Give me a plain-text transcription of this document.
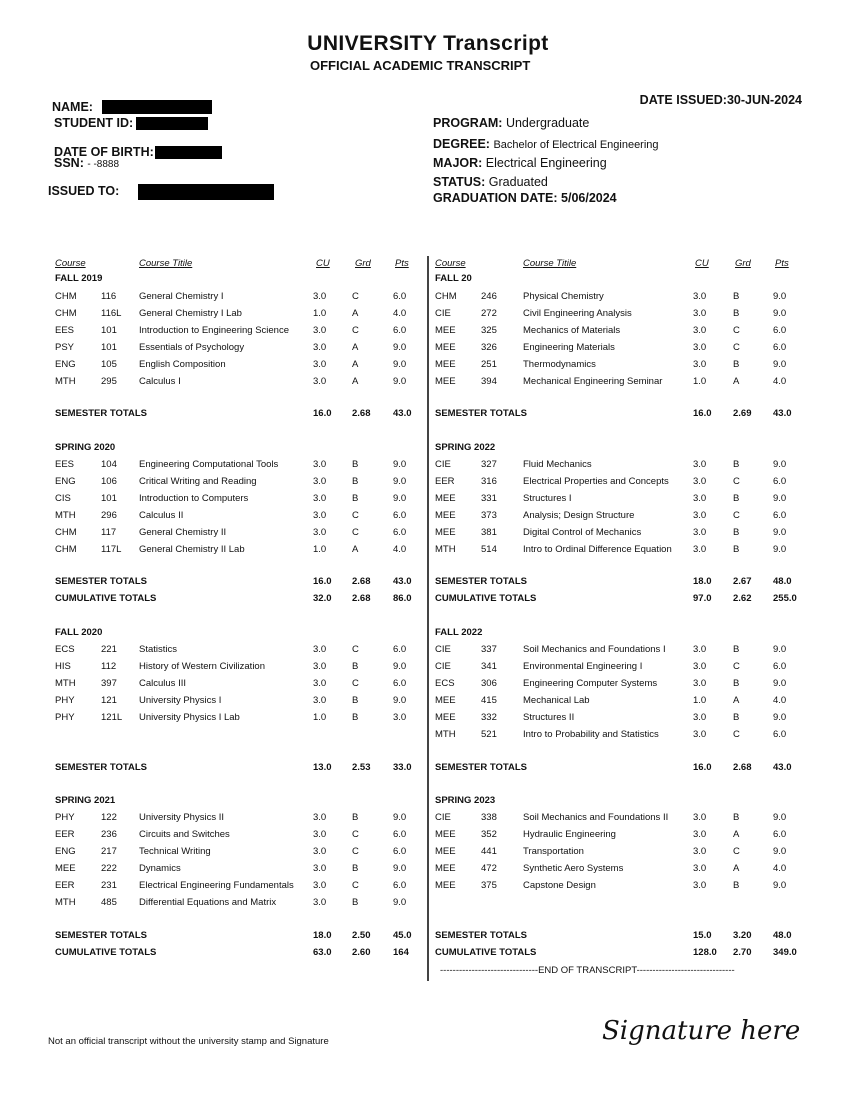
UNIVERSITY Transcript
OFFICIAL ACADEMIC TRANSCRIPT
DATE ISSUED:30-JUN-2024
NAME:
STUDENT ID:
DATE OF BIRTH:
SSN: - -8888
ISSUED TO:
PROGRAM: Undergraduate
DEGREE: Bachelor of Electrical Engineering
MAJOR: Electrical Engineering
STATUS: Graduated
GRADUATION DATE: 5/06/2024
Course	Course Titile	CU	Grd	Pts	Course	Course Titile	CU	Grd	Pts
FALL 2019
CHM	116 General Chemistry I	3.0	C	6.0
CHM	116L General Chemistry I Lab	1.0	A	4.0
EES	101 Introduction to Engineering Science	3.0	C	6.0
PSY	101 Essentials of Psychology	3.0	A	9.0
ENG	105 English Composition	3.0	A	9.0
MTH	295 Calculus I	3.0	A	9.0
SEMESTER TOTALS	16.0 2.68 43.0
SPRING 2020
EES	104 Engineering Computational Tools	3.0	B	9.0
ENG	106 Critical Writing and Reading	3.0	B	9.0
CIS	101 Introduction to Computers	3.0	B	9.0
MTH	296 Calculus II	3.0	C	6.0
CHM	117 General Chemistry II	3.0	C	6.0
CHM	117L General Chemistry II Lab	1.0	A	4.0
SEMESTER TOTALS	16.0 2.68 43.0
CUMULATIVE TOTALS	32.0 2.68 86.0
FALL 2020
ECS	221 Statistics	3.0	C	6.0
HIS	112 History of Western Civilization	3.0	B	9.0
MTH	397 Calculus III	3.0	C	6.0
PHY	121 University Physics I	3.0	B	9.0
PHY	121L University Physics I Lab	1.0	B	3.0
SEMESTER TOTALS	13.0 2.53 33.0
SPRING 2021
PHY	122 University Physics II	3.0	B	9.0
EER	236 Circuits and Switches	3.0	C	6.0
ENG	217 Technical Writing	3.0	C	6.0
MEE	222 Dynamics	3.0	B	9.0
EER	231 Electrical Engineering Fundamentals 3.0	C	6.0
MTH	485 Differential Equations and Matrix	3.0	B	9.0
SEMESTER TOTALS	18.0 2.50 45.0
CUMULATIVE TOTALS	63.0 2.60 164
FALL 20
CHM	246	Physical Chemistry	3.0	B	9.0
CIE	272	Civil Engineering Analysis	3.0	B	9.0
MEE	325	Mechanics of Materials	3.0	C	6.0
MEE	326	Engineering Materials	3.0	C	6.0
MEE	251	Thermodynamics	3.0	B	9.0
MEE	394	Mechanical Engineering Seminar	1.0	A	4.0
SEMESTER TOTALS	16.0 2.69 43.0
SPRING 2022
CIE	327	Fluid Mechanics	3.0	B	9.0
EER	316	Electrical Properties and Concepts	3.0	C	6.0
MEE	331	Structures I	3.0	B	9.0
MEE	373	Analysis; Design Structure	3.0	C	6.0
MEE	381	Digital Control of Mechanics	3.0	B	9.0
MTH	514	Intro to Ordinal Difference Equation 3.0	B	9.0
SEMESTER TOTALS	18.0 2.67 48.0
CUMULATIVE TOTALS	97.0 2.62 255.0
FALL 2022
CIE	337	Soil Mechanics and Foundations I	3.0	B	9.0
CIE	341	Environmental Engineering I	3.0	C	6.0
ECS	306	Engineering Computer Systems	3.0	B	9.0
MEE	415	Mechanical Lab	1.0	A	4.0
MEE	332	Structures II	3.0	B	9.0
MTH	521	Intro to Probability and Statistics	3.0	C	6.0
SEMESTER TOTALS	16.0 2.68 43.0
SPRING 2023
CIE	338	Soil Mechanics and Foundations II	3.0	B	9.0
MEE	352	Hydraulic Engineering	3.0	A	6.0
MEE	441	Transportation	3.0	C	9.0
MEE	472	Synthetic Aero Systems	3.0	A	4.0
MEE	375	Capstone Design	3.0	B	9.0
SEMESTER TOTALS	15.0 3.20 48.0
CUMULATIVE TOTALS	128.0 2.70 349.0
-------------------------------END OF TRANSCRIPT-------------------------------
Not an official transcript without the university stamp and Signature	Signature here
